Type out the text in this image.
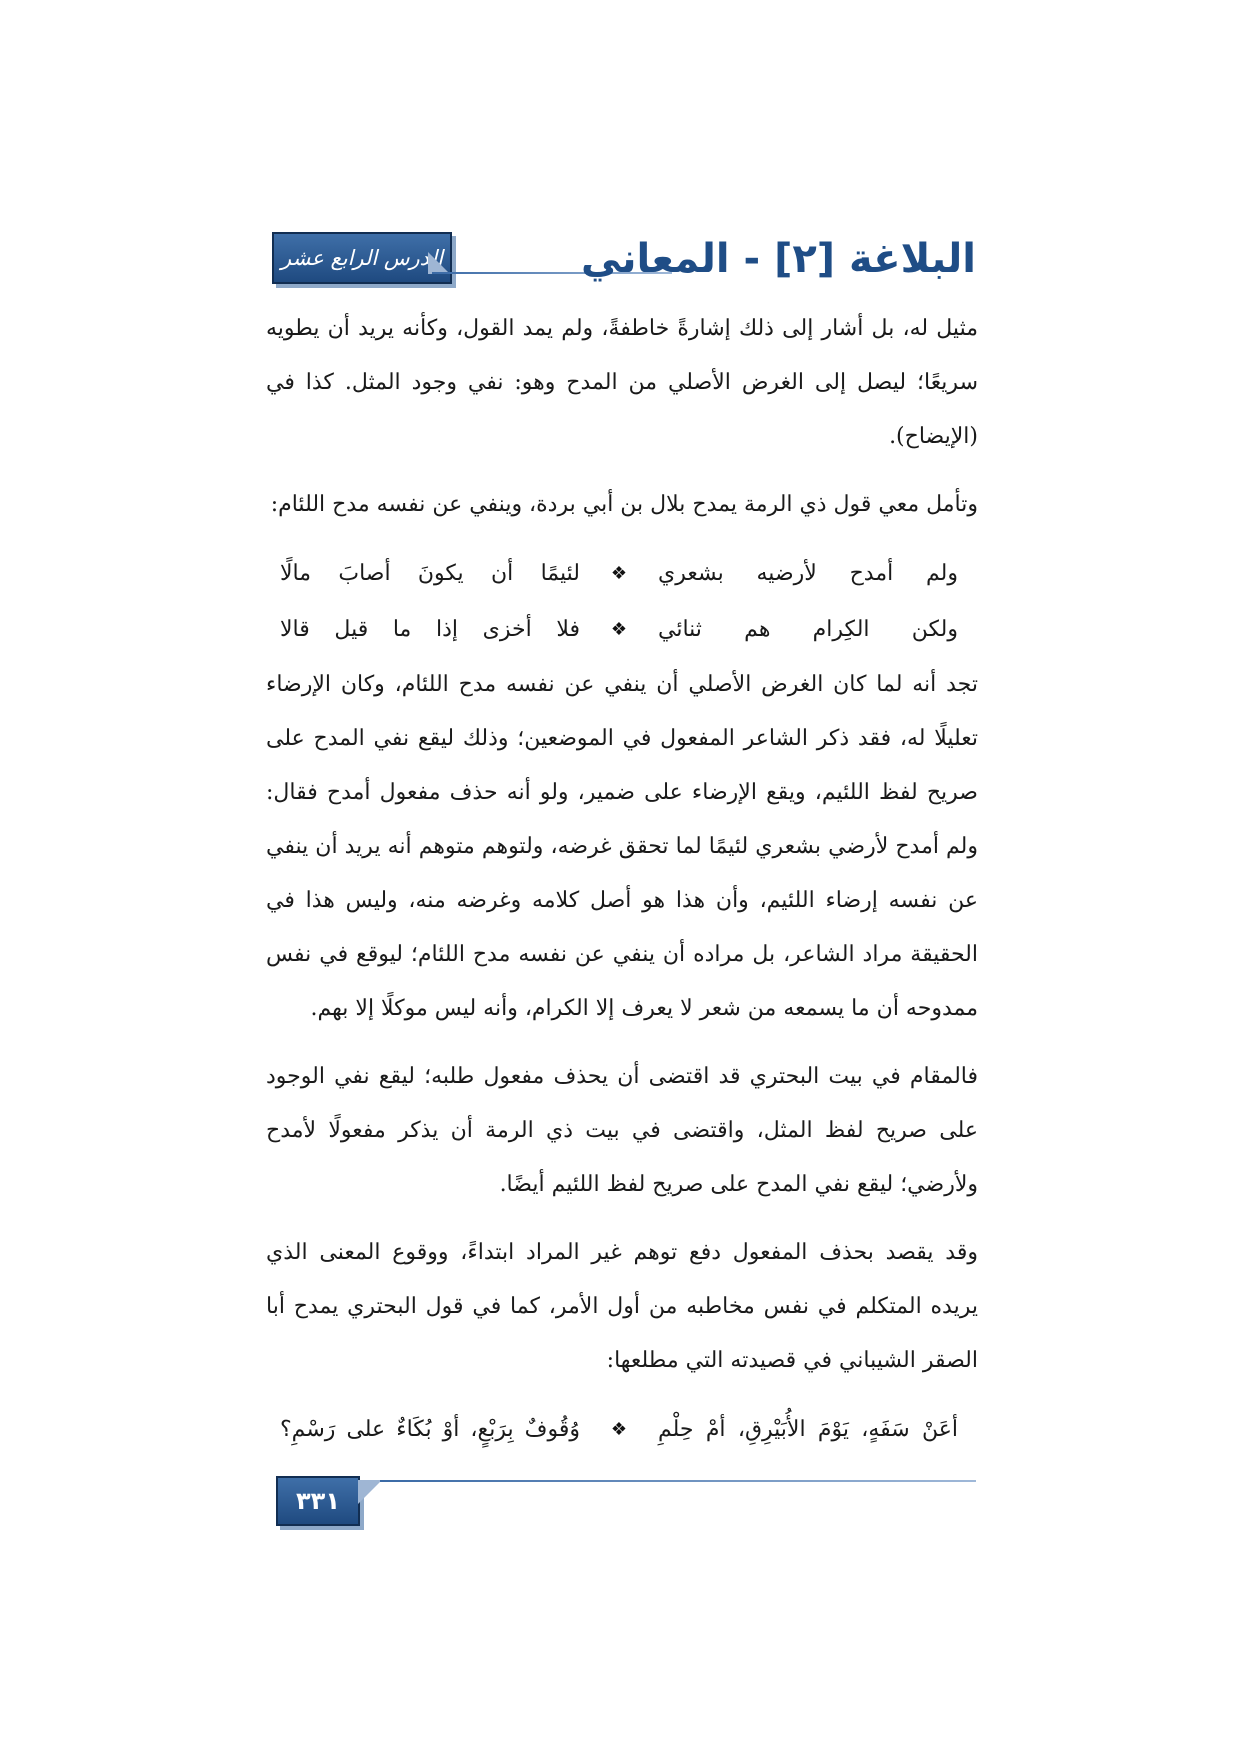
الدرس الرابع عشر	البلاغة [٢] - المعاني

مثيل له، بل أشار إلى ذلك إشارةً خاطفةً، ولم يمد القول، وكأنه يريد أن يطويه سريعًا؛ ليصل إلى الغرض الأصلي من المدح وهو: نفي وجود المثل. كذا في (الإيضاح).

وتأمل معي قول ذي الرمة يمدح بلال بن أبي بردة، وينفي عن نفسه مدح اللئام:

ولم أمدح لأرضيه بشعري
❖
لئيمًا أن يكونَ أصابَ مالًا
ولكن الكِرام هم ثنائي
❖
فلا أخزى إذا ما قيل قالا

تجد أنه لما كان الغرض الأصلي أن ينفي عن نفسه مدح اللئام، وكان الإرضاء تعليلًا له، فقد ذكر الشاعر المفعول في الموضعين؛ وذلك ليقع نفي المدح على صريح لفظ اللئيم، ويقع الإرضاء على ضمير، ولو أنه حذف مفعول أمدح فقال: ولم أمدح لأرضي بشعري لئيمًا لما تحقق غرضه، ولتوهم متوهم أنه يريد أن ينفي عن نفسه إرضاء اللئيم، وأن هذا هو أصل كلامه وغرضه منه، وليس هذا في الحقيقة مراد الشاعر، بل مراده أن ينفي عن نفسه مدح اللئام؛ ليوقع في نفس ممدوحه أن ما يسمعه من شعر لا يعرف إلا الكرام، وأنه ليس موكلًا إلا بهم.

فالمقام في بيت البحتري قد اقتضى أن يحذف مفعول طلبه؛ ليقع نفي الوجود على صريح لفظ المثل، واقتضى في بيت ذي الرمة أن يذكر مفعولًا لأمدح ولأرضي؛ ليقع نفي المدح على صريح لفظ اللئيم أيضًا.

وقد يقصد بحذف المفعول دفع توهم غير المراد ابتداءً، ووقوع المعنى الذي يريده المتكلم في نفس مخاطبه من أول الأمر، كما في قول البحتري يمدح أبا الصقر الشيباني في قصيدته التي مطلعها:

أعَنْ سَفَهٍ، يَوْمَ الأُبَيْرِقِ، أمْ حِلْمِ
❖
وُقُوفٌ بِرَبْعٍ، أوْ بُكَاءٌ على رَسْمِ؟
٣٣١
